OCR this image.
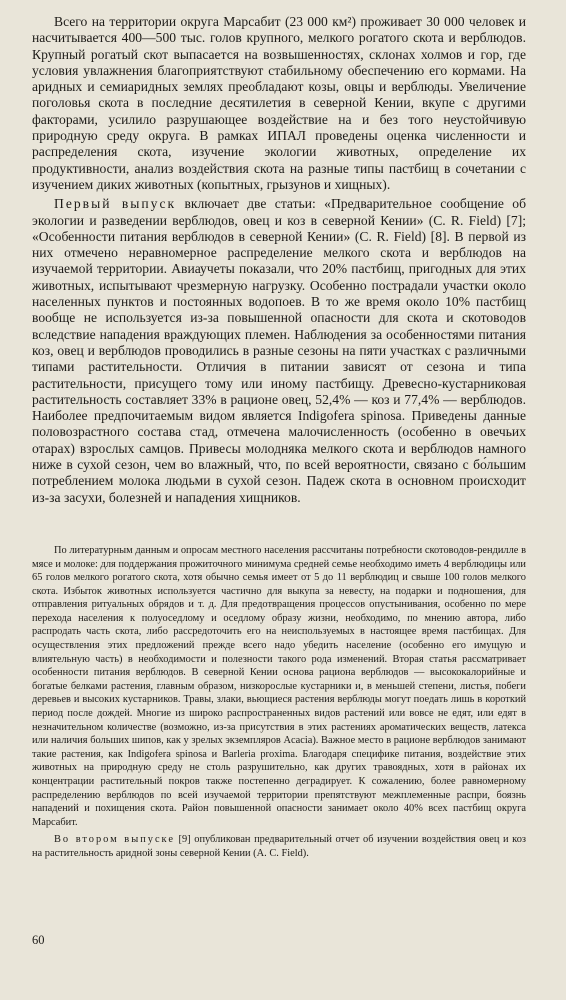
Всего на территории округа Марсабит (23 000 км²) проживает 30 000 человек и насчитывается 400—500 тыс. голов крупного, мелкого рогатого скота и верблюдов. Крупный рогатый скот выпасается на возвышенностях, склонах холмов и гор, где условия увлажнения благоприятствуют стабильному обеспечению его кормами. На аридных и семиаридных землях преобладают козы, овцы и верблюды. Увеличение поголовья скота в последние десятилетия в северной Кении, вкупе с другими факторами, усилило разрушающее воздействие на и без того неустойчивую природную среду округа. В рамках ИПАЛ проведены оценка численности и распределения скота, изучение экологии животных, определение их продуктивности, анализ воздействия скота на разные типы пастбищ в сочетании с изучением диких животных (копытных, грызунов и хищных).

Первый выпуск включает две статьи: «Предварительное сообщение об экологии и разведении верблюдов, овец и коз в северной Кении» (C. R. Field) [7]; «Особенности питания верблюдов в северной Кении» (C. R. Field) [8]. В первой из них отмечено неравномерное распределение мелкого скота и верблюдов на изучаемой территории. Авиаучеты показали, что 20% пастбищ, пригодных для этих животных, испытывают чрезмерную нагрузку. Особенно пострадали участки около населенных пунктов и постоянных водопоев. В то же время около 10% пастбищ вообще не используется из-за повышенной опасности для скота и скотоводов вследствие нападения враждующих племен. Наблюдения за особенностями питания коз, овец и верблюдов проводились в разные сезоны на пяти участках с различными типами растительности. Отличия в питании зависят от сезона и типа растительности, присущего тому или иному пастбищу. Древесно-кустарниковая растительность составляет 33% в рационе овец, 52,4% — коз и 77,4% — верблюдов. Наиболее предпочитаемым видом является Indigofera spinosa. Приведены данные половозрастного состава стад, отмечена малочисленность (особенно в овечьих отарах) взрослых самцов. Привесы молодняка мелкого скота и верблюдов намного ниже в сухой сезон, чем во влажный, что, по всей вероятности, связано с бо́льшим потреблением молока людьми в сухой сезон. Падеж скота в основном происходит из-за засухи, болезней и нападения хищников.

По литературным данным и опросам местного населения рассчитаны потребности скотоводов-рендилле в мясе и молоке: для поддержания прожиточного минимума средней семье необходимо иметь 4 верблюдицы или 65 голов мелкого рогатого скота, хотя обычно семья имеет от 5 до 11 верблюдиц и свыше 100 голов мелкого скота. Избыток животных используется частично для выкупа за невесту, на подарки и подношения, для отправления ритуальных обрядов и т. д. Для предотвращения процессов опустынивания, особенно по мере перехода населения к полуоседлому и оседлому образу жизни, необходимо, по мнению автора, либо распродать часть скота, либо рассредоточить его на неиспользуемых в настоящее время пастбищах. Для осуществления этих предложений прежде всего надо убедить население (особенно его имущую и влиятельную часть) в необходимости и полезности такого рода изменений. Вторая статья рассматривает особенности питания верблюдов. В северной Кении основа рациона верблюдов — высококалорийные и богатые белками растения, главным образом, низкорослые кустарники и, в меньшей степени, листья, побеги деревьев и высоких кустарников. Травы, злаки, вьющиеся растения верблюды могут поедать лишь в короткий период после дождей. Многие из широко распространенных видов растений или вовсе не едят, или едят в незначительном количестве (возможно, из-за присутствия в этих растениях ароматических веществ, латекса или наличия больших шипов, как у зрелых экземпляров Acacia). Важное место в рационе верблюдов занимают такие растения, как Indigofera spinosa и Barleria proxima. Благодаря специфике питания, воздействие этих животных на природную среду не столь разрушительно, как других травоядных, хотя в районах их концентрации растительный покров также постепенно деградирует. К сожалению, более равномерному распределению верблюдов по всей изучаемой территории препятствуют межплеменные распри, боязнь нападений и похищения скота. Район повышенной опасности занимает около 40% всех пастбищ округа Марсабит.

Во втором выпуске [9] опубликован предварительный отчет об изучении воздействия овец и коз на растительность аридной зоны северной Кении (A. C. Field).

60
